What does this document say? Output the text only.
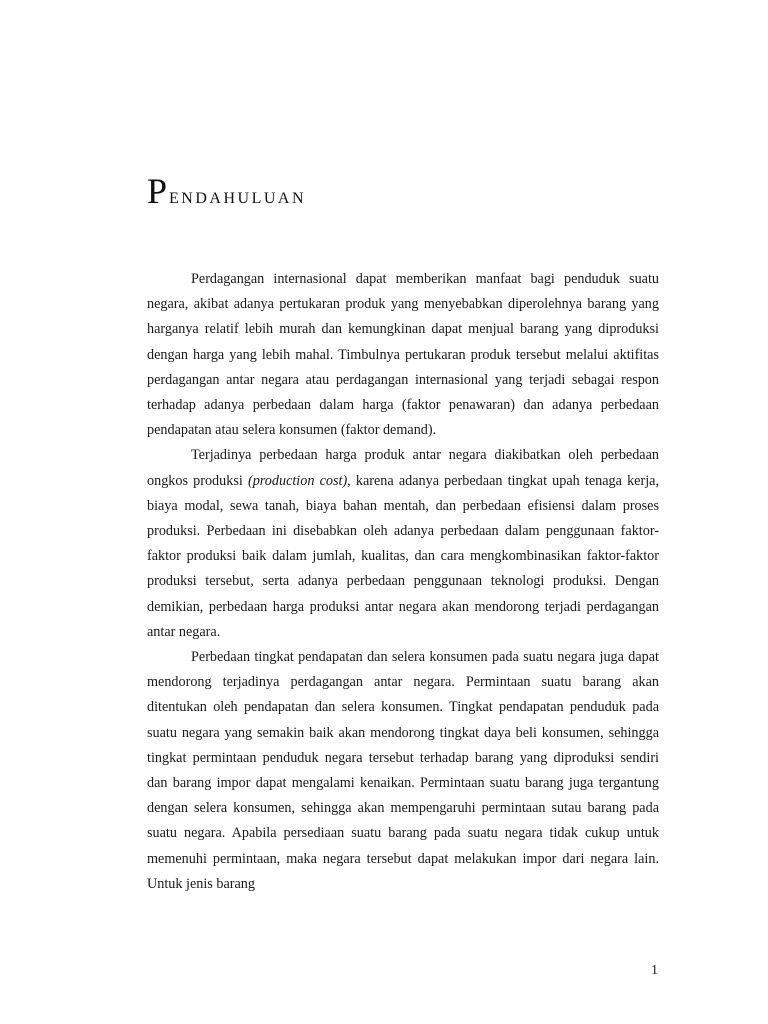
PENDAHULUAN

Perdagangan internasional dapat memberikan manfaat bagi penduduk suatu negara, akibat adanya pertukaran produk yang menyebabkan diperolehnya barang yang harganya relatif lebih murah dan kemungkinan dapat menjual barang yang diproduksi dengan harga yang lebih mahal. Timbulnya pertukaran produk tersebut melalui aktifitas perdagangan antar negara atau perdagangan internasional yang terjadi sebagai respon terhadap adanya perbedaan dalam harga (faktor penawaran) dan adanya perbedaan pendapatan atau selera konsumen (faktor demand).

Terjadinya perbedaan harga produk antar negara diakibatkan oleh perbedaan ongkos produksi (production cost), karena adanya perbedaan tingkat upah tenaga kerja, biaya modal, sewa tanah, biaya bahan mentah, dan perbedaan efisiensi dalam proses produksi. Perbedaan ini disebabkan oleh adanya perbedaan dalam penggunaan faktor-faktor produksi baik dalam jumlah, kualitas, dan cara mengkombinasikan faktor-faktor produksi tersebut, serta adanya perbedaan penggunaan teknologi produksi. Dengan demikian, perbedaan harga produksi antar negara akan mendorong terjadi perdagangan antar negara.

Perbedaan tingkat pendapatan dan selera konsumen pada suatu negara juga dapat mendorong terjadinya perdagangan antar negara. Permintaan suatu barang akan ditentukan oleh pendapatan dan selera konsumen. Tingkat pendapatan penduduk pada suatu negara yang semakin baik akan mendorong tingkat daya beli konsumen, sehingga tingkat permintaan penduduk negara tersebut terhadap barang yang diproduksi sendiri dan barang impor dapat mengalami kenaikan. Permintaan suatu barang juga tergantung dengan selera konsumen, sehingga akan mempengaruhi permintaan sutau barang pada suatu negara. Apabila persediaan suatu barang pada suatu negara tidak cukup untuk memenuhi permintaan, maka negara tersebut dapat melakukan impor dari negara lain. Untuk jenis barang

1
